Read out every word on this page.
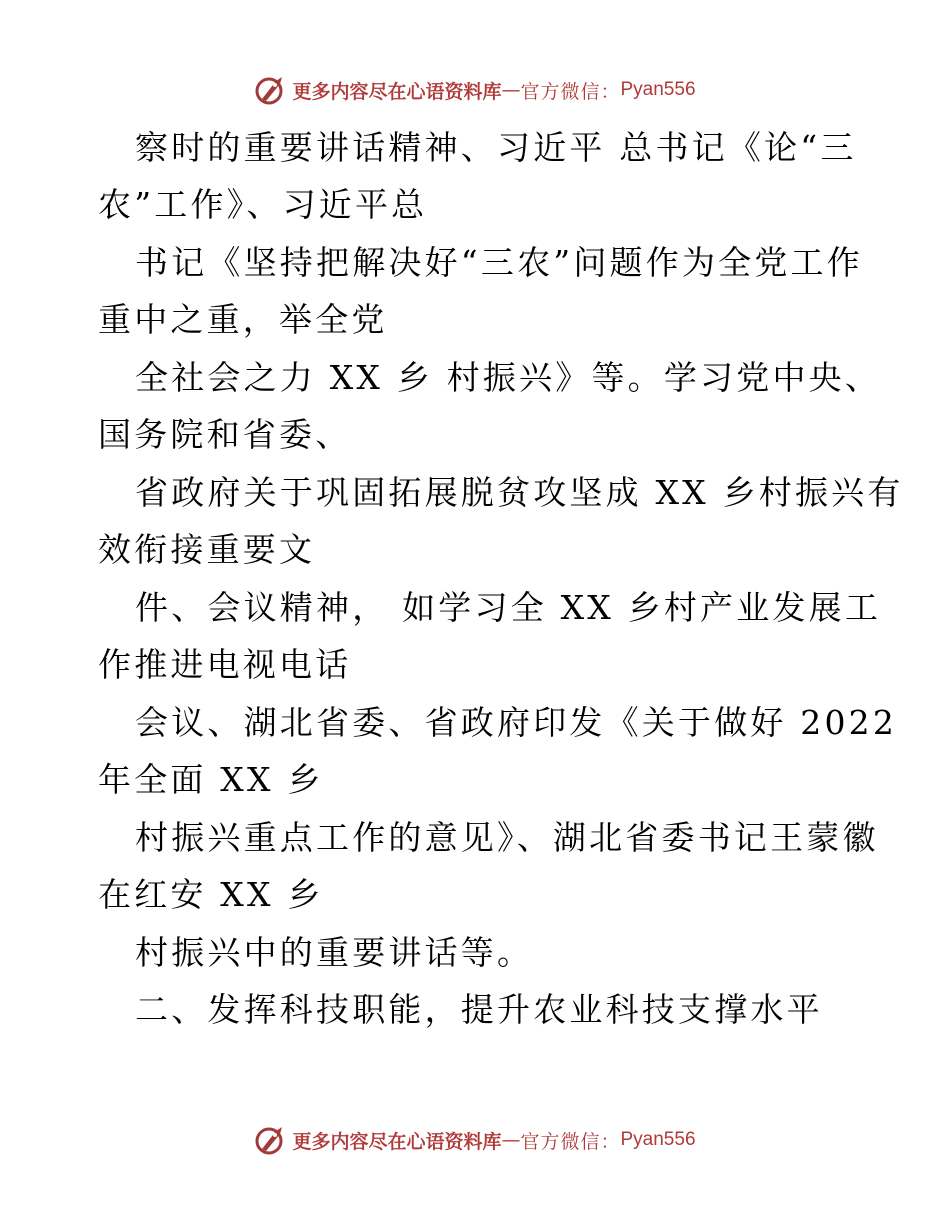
更多内容尽在心语资料库 — 官方微信： Pyan556
察时的重要讲话精神、习近平 总书记《论“三
农”工作》、习近平总
书记《坚持把解决好“三农”问题作为全党工作
重中之重，举全党
全社会之力 XX 乡 村振兴》等。学习党中央、
国务院和省委、
省政府关于巩固拓展脱贫攻坚成 XX 乡村振兴有
效衔接重要文
件、会议精神， 如学习全 XX 乡村产业发展工
作推进电视电话
会议、湖北省委、省政府印发《关于做好 2022
年全面 XX 乡
村振兴重点工作的意见》、湖北省委书记王蒙徽
在红安 XX 乡
村振兴中的重要讲话等。
二、发挥科技职能，提升农业科技支撑水平
更多内容尽在心语资料库 — 官方微信： Pyan556
